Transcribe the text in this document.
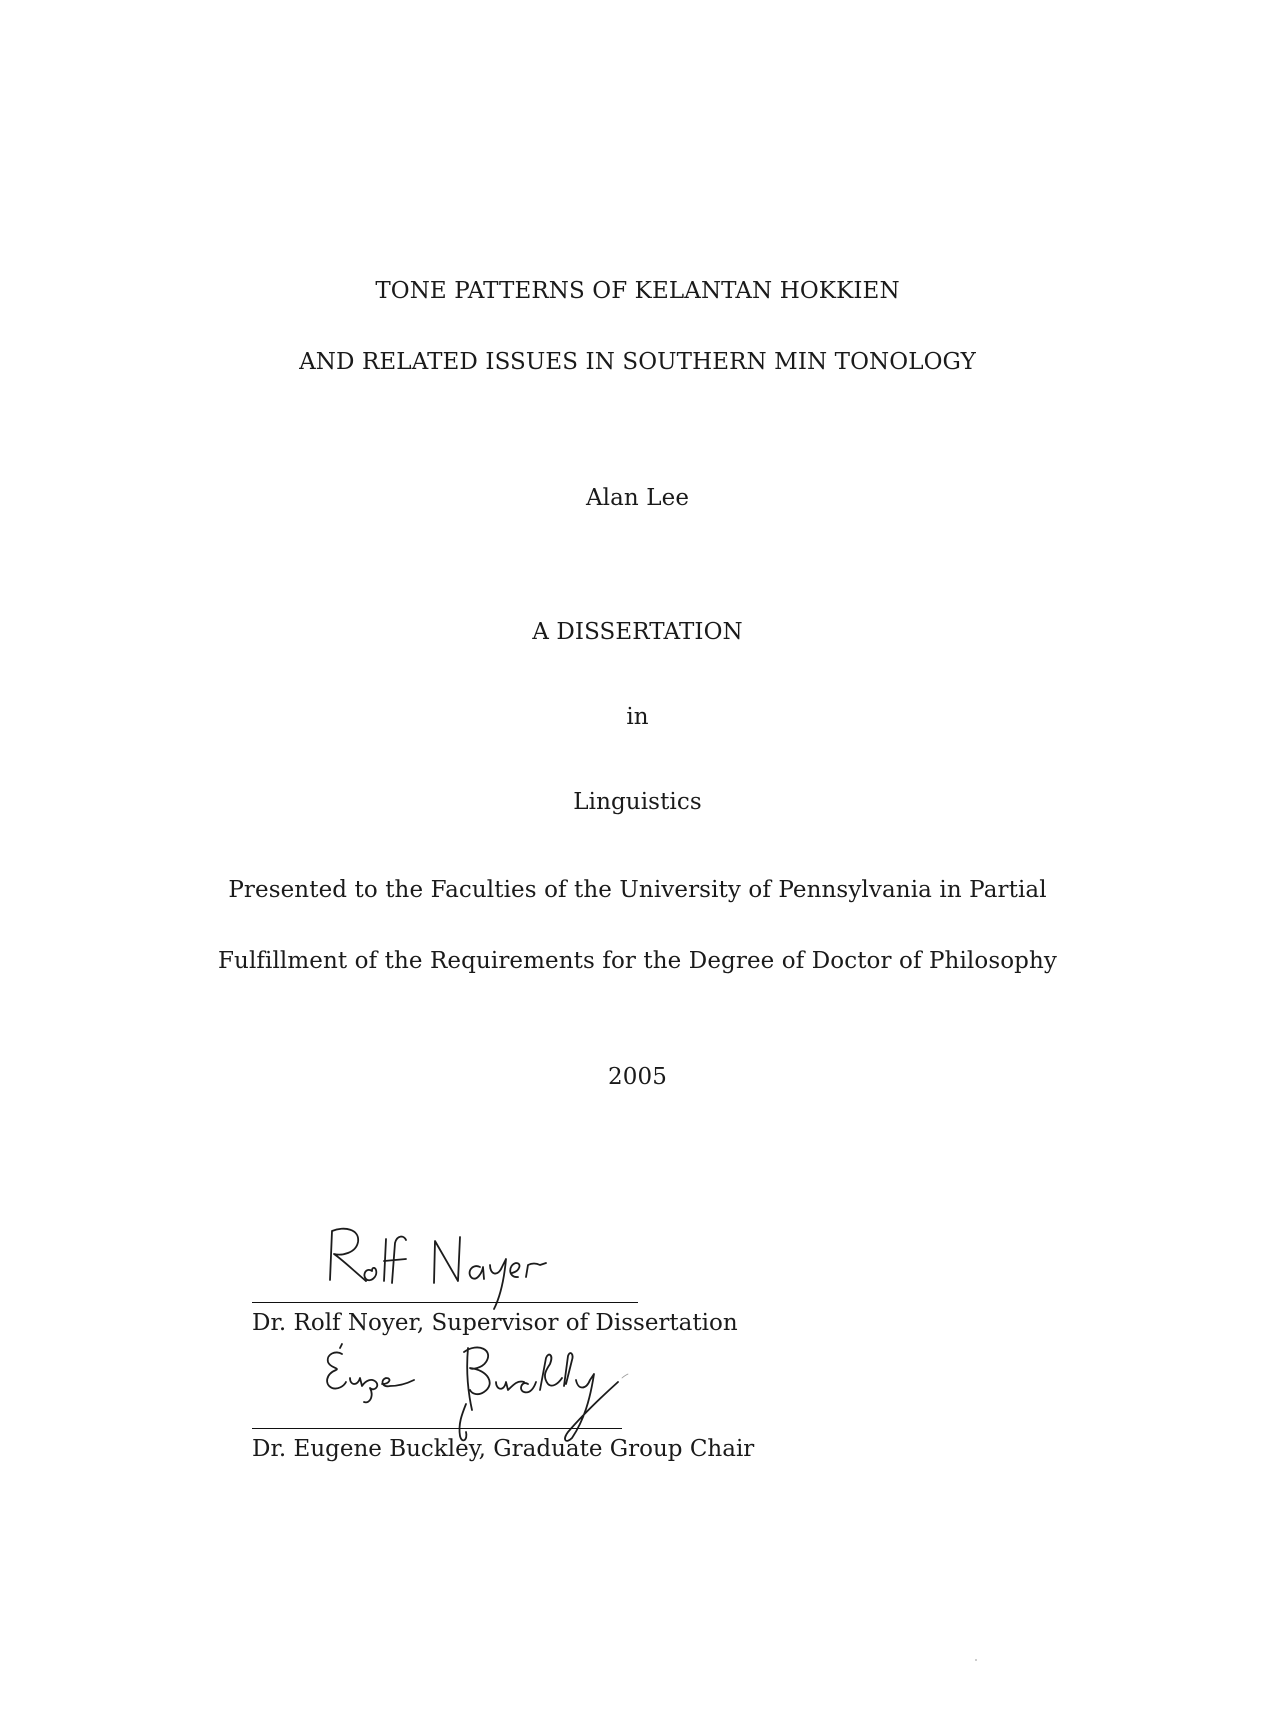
TONE PATTERNS OF KELANTAN HOKKIEN
AND RELATED ISSUES IN SOUTHERN MIN TONOLOGY
Alan Lee
A DISSERTATION
in
Linguistics
Presented to the Faculties of the University of Pennsylvania in Partial
Fulfillment of the Requirements for the Degree of Doctor of Philosophy
2005
Dr. Rolf Noyer, Supervisor of Dissertation
Dr. Eugene Buckley, Graduate Group Chair
